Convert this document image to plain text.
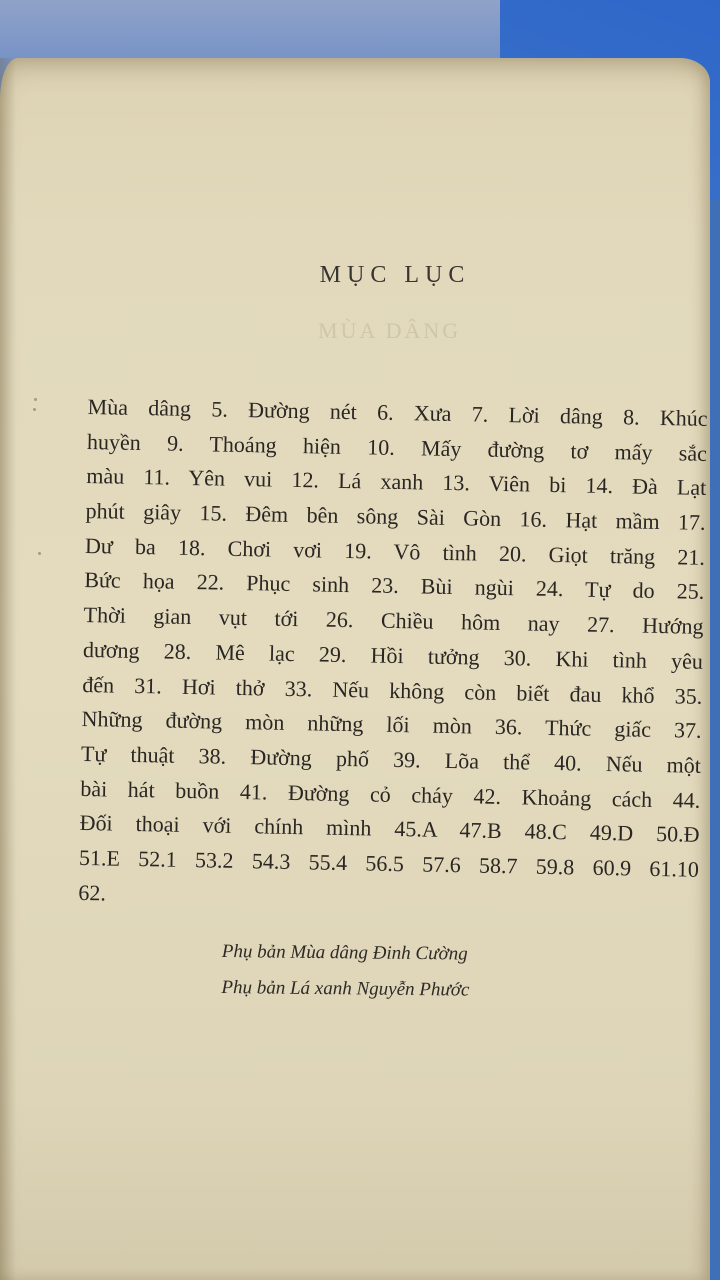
MỤC LỤC
MÙA DÂNG
Mùa dâng 5. Đường nét 6. Xưa 7. Lời dâng 8. Khúc
huyền 9. Thoáng hiện 10. Mấy đường tơ mấy sắc
màu 11. Yên vui 12. Lá xanh 13. Viên bi 14. Đà Lạt
phút giây 15. Đêm bên sông Sài Gòn 16. Hạt mầm 17.
Dư ba 18. Chơi vơi 19. Vô tình 20. Giọt trăng 21.
Bức họa 22. Phục sinh 23. Bùi ngùi 24. Tự do 25.
Thời gian vụt tới 26. Chiều hôm nay 27. Hướng
dương 28. Mê lạc 29. Hồi tưởng 30. Khi tình yêu
đến 31. Hơi thở 33. Nếu không còn biết đau khổ 35.
Những đường mòn những lối mòn 36. Thức giấc 37.
Tự thuật 38. Đường phố 39. Lõa thể 40. Nếu một
bài hát buồn 41. Đường cỏ cháy 42. Khoảng cách 44.
Đối thoại với chính mình 45.A 47.B 48.C 49.D 50.Đ
51.E 52.1 53.2 54.3 55.4 56.5 57.6 58.7 59.8 60.9 61.10
62.
Phụ bản Mùa dâng Đinh Cường
Phụ bản Lá xanh Nguyễn Phước
